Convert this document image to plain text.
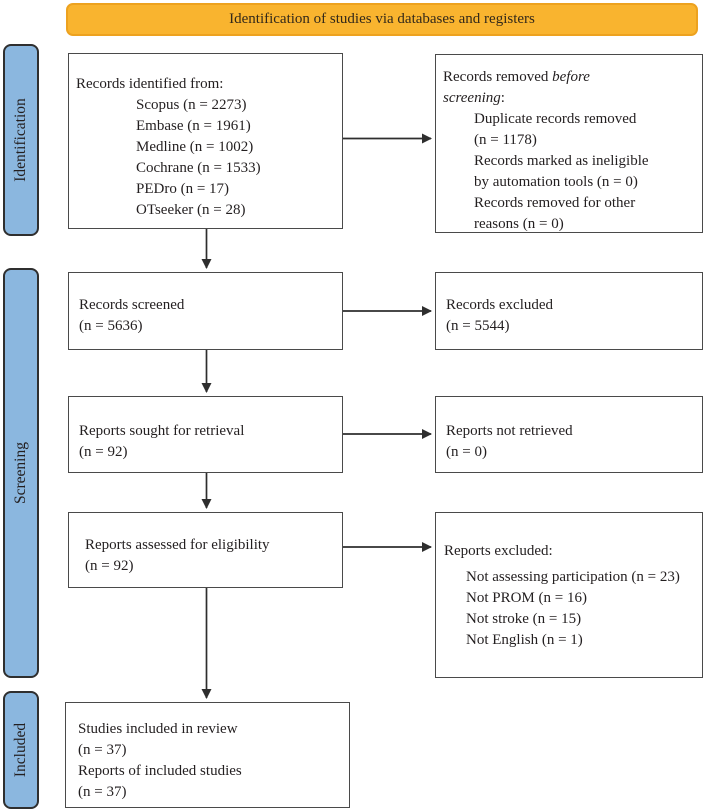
Identification of studies via databases and registers
Identification
Screening
Included
Records identified from:
Scopus (n = 2273)
Embase (n = 1961)
Medline (n = 1002)
Cochrane (n = 1533)
PEDro (n = 17)
OTseeker (n = 28)
Records removed before
screening:
Duplicate records removed
(n = 1178)
Records marked as ineligible
by automation tools (n = 0)
Records removed for other
reasons (n = 0)
Records screened
(n = 5636)
Records excluded
(n = 5544)
Reports sought for retrieval
(n = 92)
Reports not retrieved
(n = 0)
Reports assessed for eligibility
(n = 92)
Reports excluded:
Not assessing participation (n = 23)
Not PROM (n = 16)
Not stroke (n = 15)
Not English (n = 1)
Studies included in review
(n = 37)
Reports of included studies
(n = 37)
